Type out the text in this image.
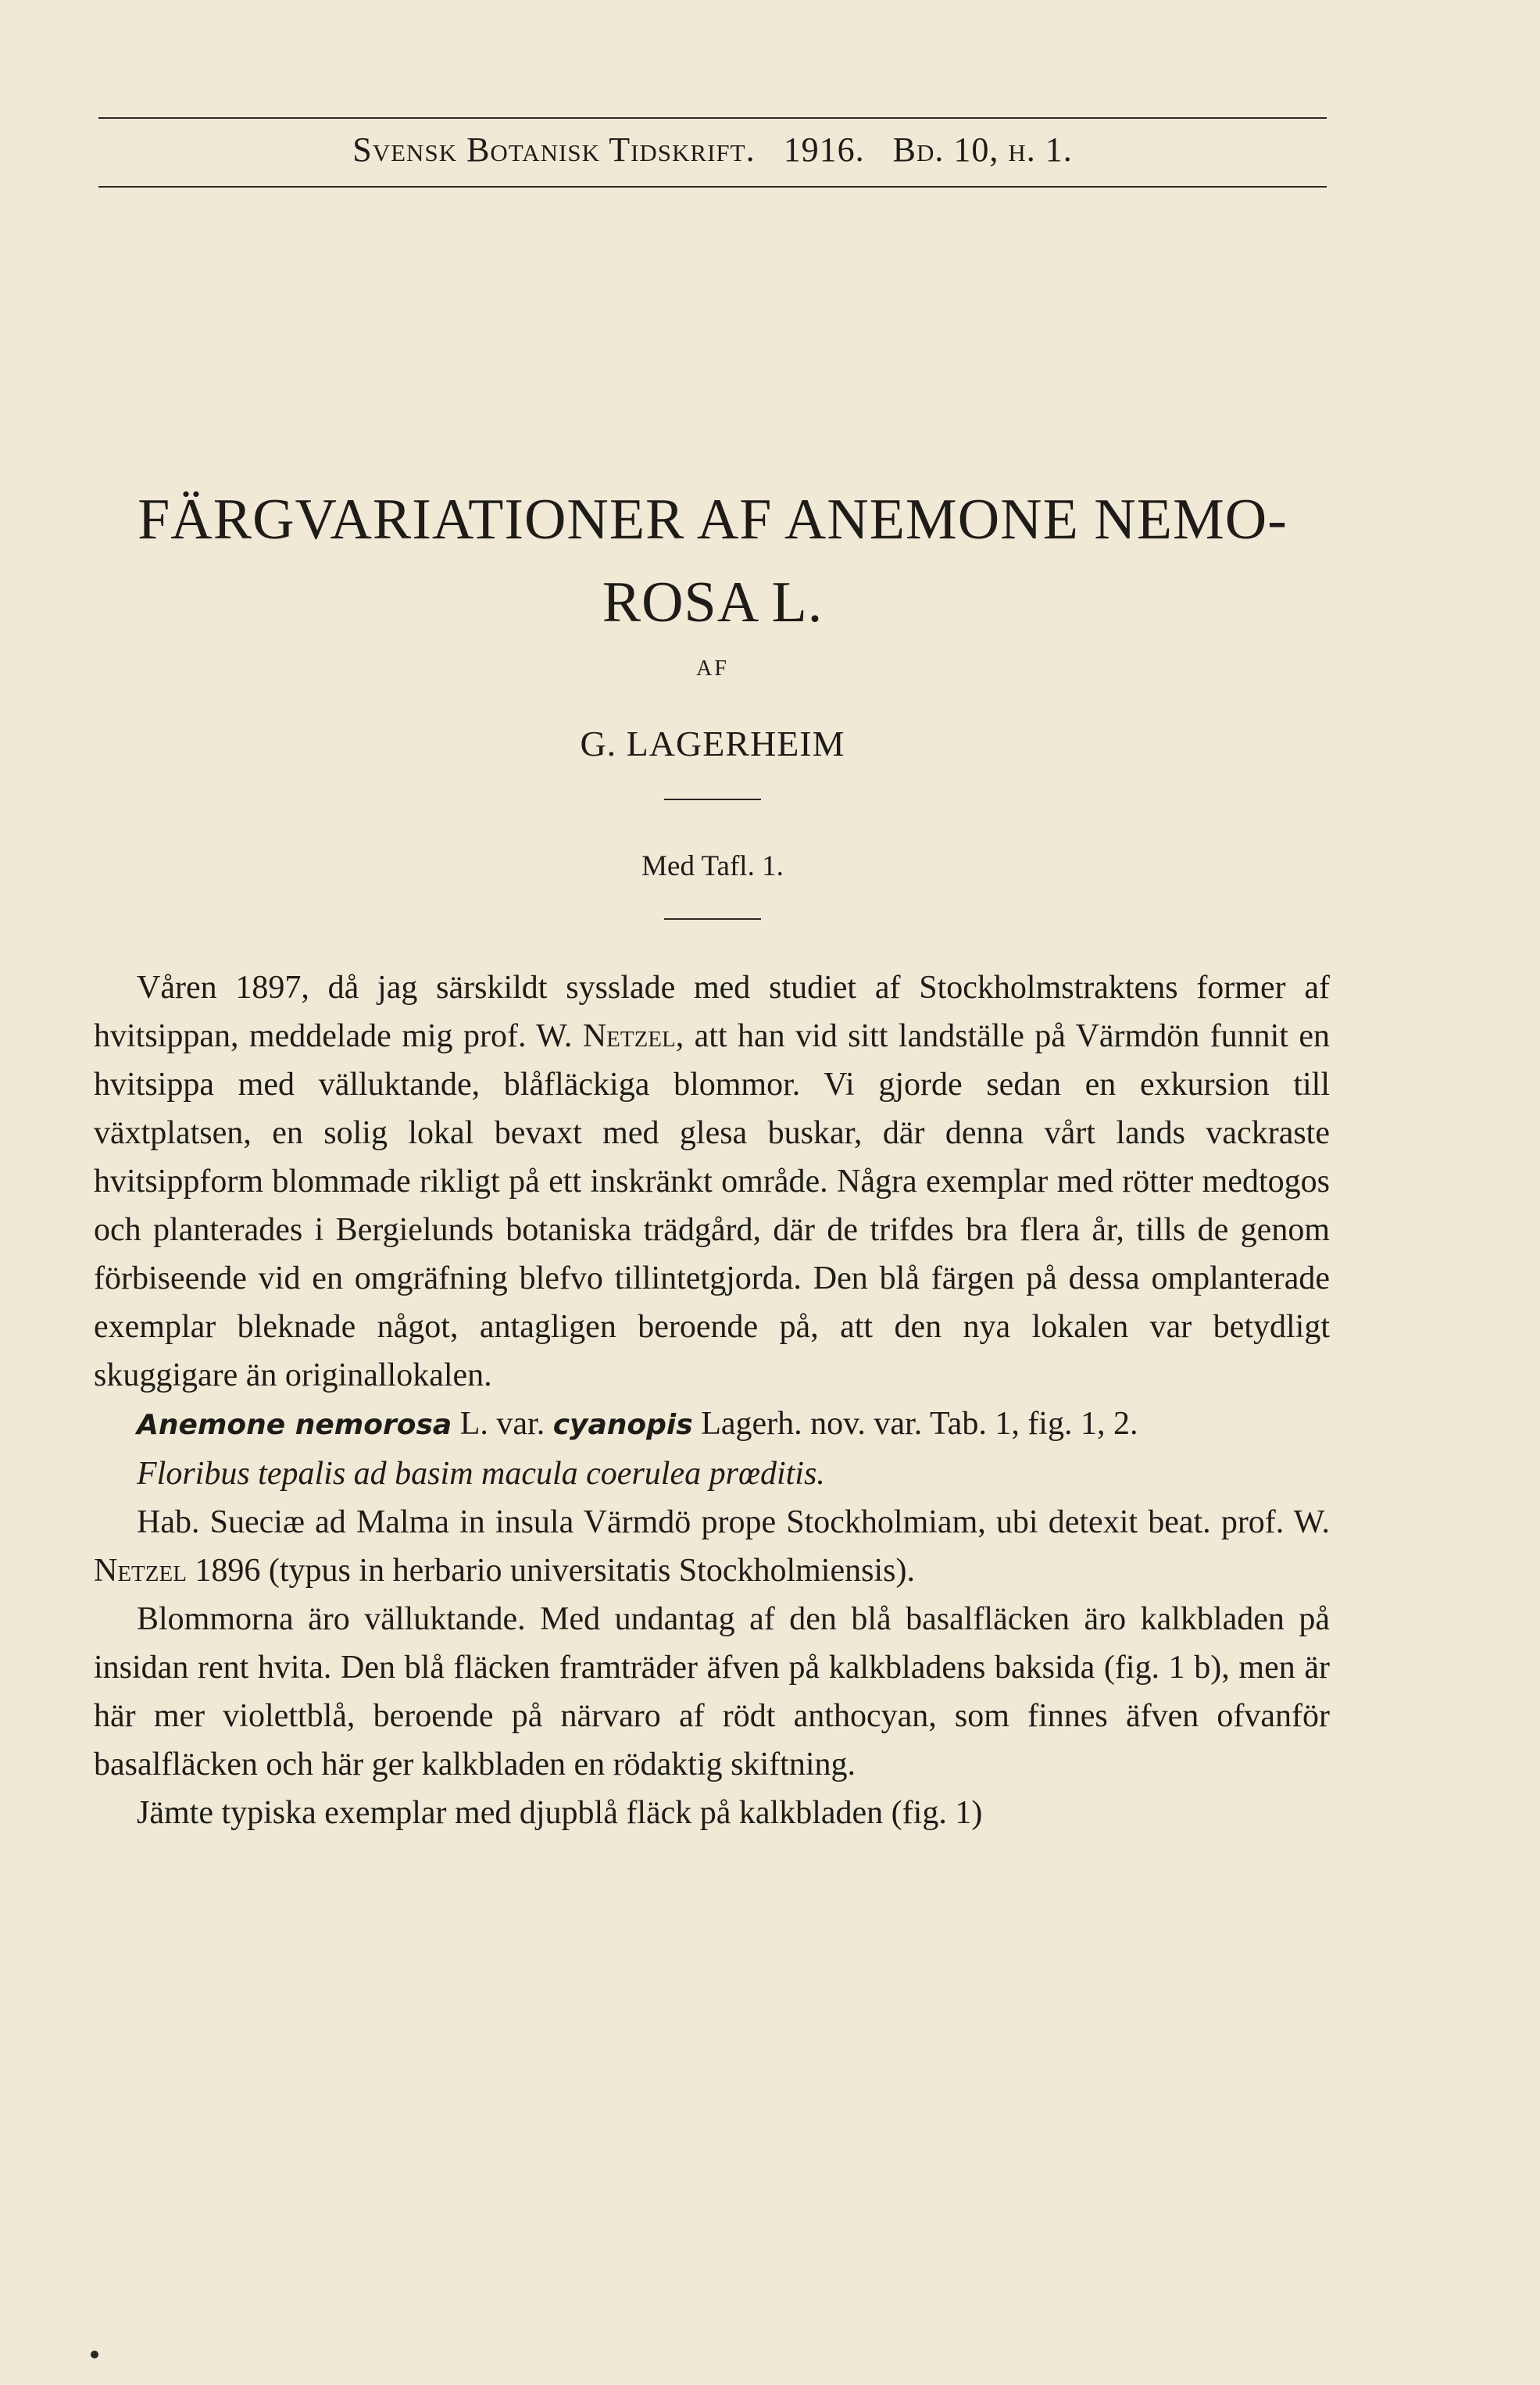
Svensk Botanisk Tidskrift. 1916. Bd. 10, h. 1.
FÄRGVARIATIONER AF ANEMONE NEMO-
ROSA L.
AF
G. LAGERHEIM
Med Tafl. 1.

Våren 1897, då jag särskildt sysslade med studiet af Stockholmstraktens former af hvitsippan, meddelade mig prof. W. Netzel, att han vid sitt landställe på Värmdön funnit en hvitsippa med välluktande, blåfläckiga blommor. Vi gjorde sedan en exkursion till växtplatsen, en solig lokal bevaxt med glesa buskar, där denna vårt lands vackraste hvitsippform blommade rikligt på ett inskränkt område. Några exemplar med rötter medtogos och planterades i Bergielunds botaniska trädgård, där de trifdes bra flera år, tills de genom förbiseende vid en omgräfning blefvo tillintetgjorda. Den blå färgen på dessa omplanterade exemplar bleknade något, antagligen beroende på, att den nya lokalen var betydligt skuggigare än originallokalen.

Anemone nemorosa L. var. cyanopis Lagerh. nov. var. Tab. 1, fig. 1, 2.

Floribus tepalis ad basim macula coerulea prœditis.

Hab. Sueciæ ad Malma in insula Värmdö prope Stockholmiam, ubi detexit beat. prof. W. Netzel 1896 (typus in herbario universitatis Stockholmiensis).

Blommorna äro välluktande. Med undantag af den blå basalfläcken äro kalkbladen på insidan rent hvita. Den blå fläcken framträder äfven på kalkbladens baksida (fig. 1 b), men är här mer violettblå, beroende på närvaro af rödt anthocyan, som finnes äfven ofvanför basalfläcken och här ger kalkbladen en rödaktig skiftning.

Jämte typiska exemplar med djupblå fläck på kalkbladen (fig. 1)
